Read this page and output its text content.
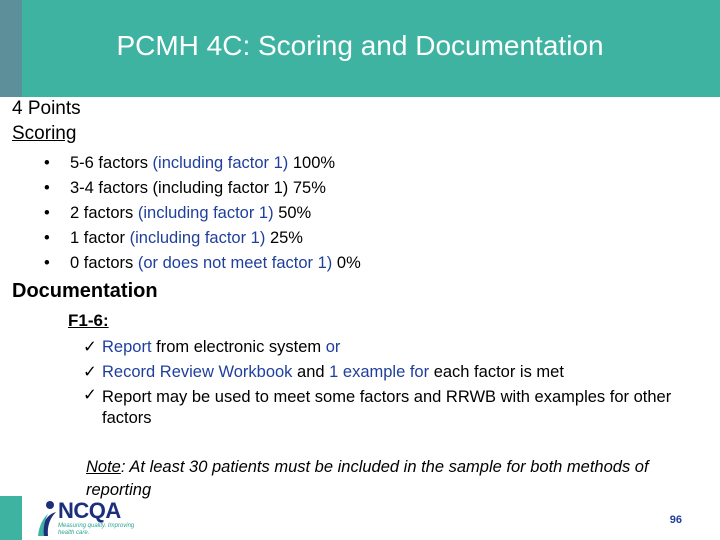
PCMH 4C: Scoring and Documentation
4 Points
Scoring
• 5-6 factors (including factor 1) 100%
• 3-4 factors (including factor 1) 75%
• 2 factors (including factor 1) 50%
• 1 factor (including factor 1) 25%
• 0 factors (or does not meet factor 1) 0%
Documentation
F1-6:
✓ Report from electronic system or
✓ Record Review Workbook and 1 example for each factor is met
✓ Report may be used to meet some factors and RRWB with examples for other factors
Note: At least 30 patients must be included in the sample for both methods of reporting
NCQA
Measuring quality. Improving health care.
96
